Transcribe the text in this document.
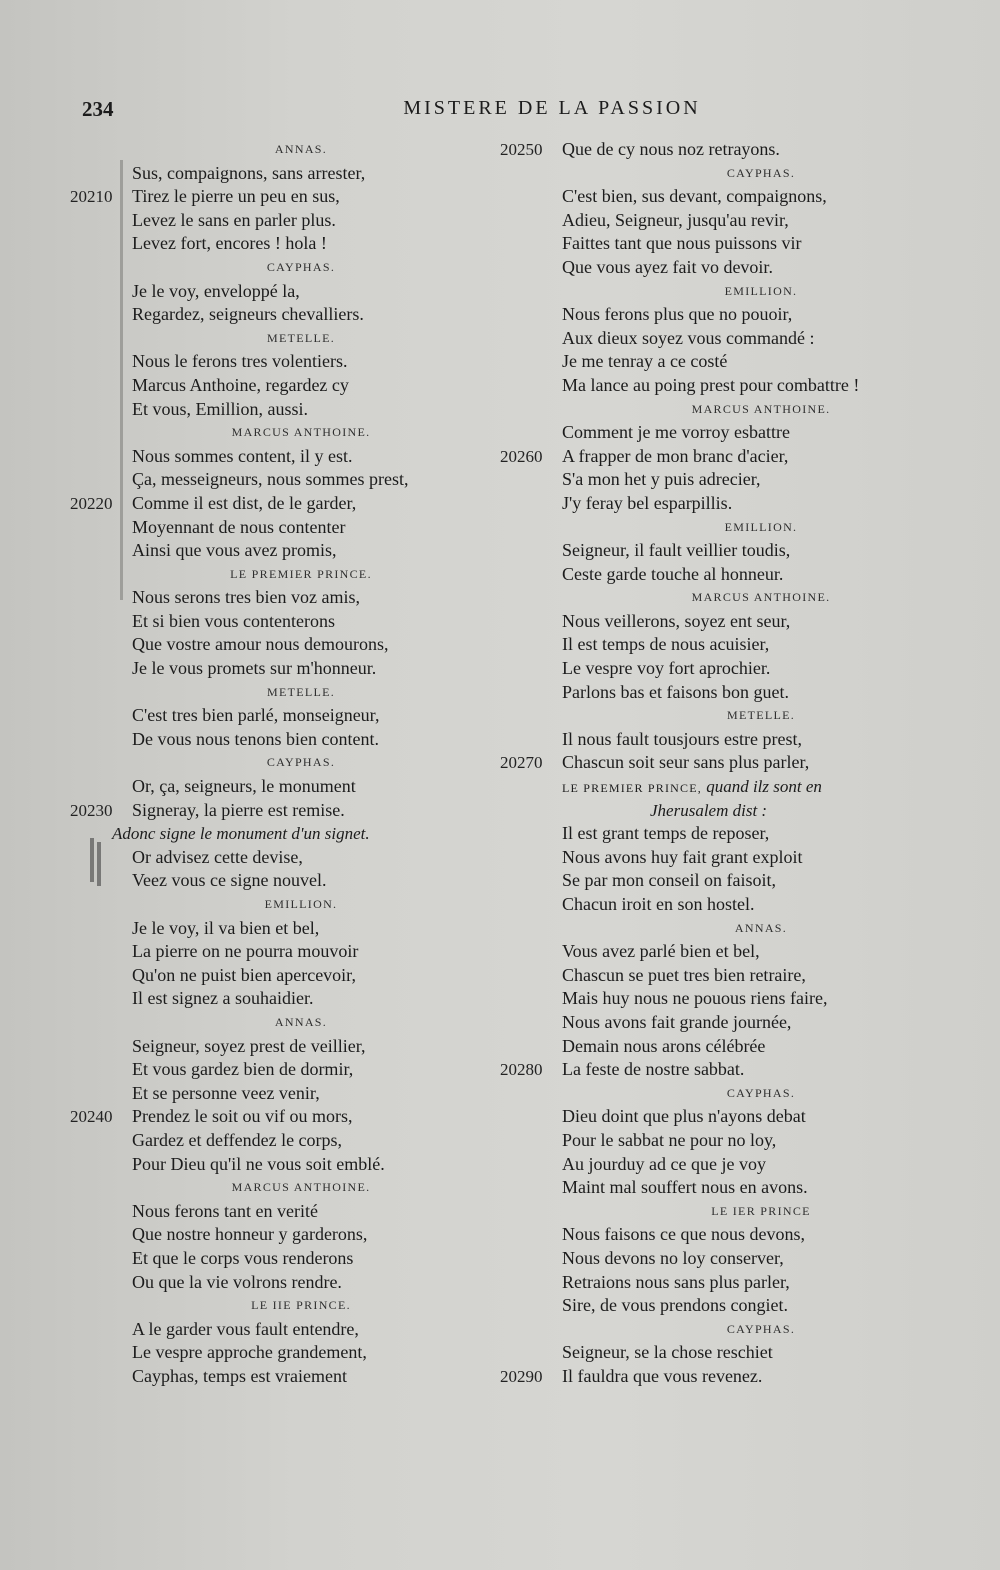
234	MISTERE DE LA PASSION
ANNAS.
Sus, compaignons, sans arrester,
Tirez le pierre un peu en sus,
20210
Levez le sans en parler plus.
Levez fort, encores ! hola !
CAYPHAS.
Je le voy, enveloppé la,
Regardez, seigneurs chevalliers.
METELLE.
Nous le ferons tres volentiers.
Marcus Anthoine, regardez cy
Et vous, Emillion, aussi.
MARCUS ANTHOINE.
Nous sommes content, il y est.
Ça, messeigneurs, nous sommes prest,
Comme il est dist, de le garder,
20220
Moyennant de nous contenter
Ainsi que vous avez promis,
LE PREMIER PRINCE.
Nous serons tres bien voz amis,
Et si bien vous contenterons
Que vostre amour nous demourons,
Je le vous promets sur m'honneur.
METELLE.
C'est tres bien parlé, monseigneur,
De vous nous tenons bien content.
CAYPHAS.
Or, ça, seigneurs, le monument
Signeray, la pierre est remise.
20230
Adonc signe le monument d'un signet.
Or advisez cette devise,
Veez vous ce signe nouvel.
EMILLION.
Je le voy, il va bien et bel,
La pierre on ne pourra mouvoir
Qu'on ne puist bien apercevoir,
Il est signez a souhaidier.
ANNAS.
Seigneur, soyez prest de veillier,
Et vous gardez bien de dormir,
Et se personne veez venir,
Prendez le soit ou vif ou mors,
20240
Gardez et deffendez le corps,
Pour Dieu qu'il ne vous soit emblé.
MARCUS ANTHOINE.
Nous ferons tant en verité
Que nostre honneur y garderons,
Et que le corps vous renderons
Ou que la vie volrons rendre.
LE IIE PRINCE.
A le garder vous fault entendre,
Le vespre approche grandement,
Cayphas, temps est vraiement
Que de cy nous noz retrayons.
20250
CAYPHAS.
C'est bien, sus devant, compaignons,
Adieu, Seigneur, jusqu'au revir,
Faittes tant que nous puissons vir
Que vous ayez fait vo devoir.
EMILLION.
Nous ferons plus que no pouoir,
Aux dieux soyez vous commandé :
Je me tenray a ce costé
Ma lance au poing prest pour combattre !
MARCUS ANTHOINE.
Comment je me vorroy esbattre
A frapper de mon branc d'acier,
20260
S'a mon het y puis adrecier,
J'y feray bel esparpillis.
EMILLION.
Seigneur, il fault veillier toudis,
Ceste garde touche al honneur.
MARCUS ANTHOINE.
Nous veillerons, soyez ent seur,
Il est temps de nous acuisier,
Le vespre voy fort aprochier.
Parlons bas et faisons bon guet.
METELLE.
Il nous fault tousjours estre prest,
Chascun soit seur sans plus parler,
20270
LE PREMIER PRINCE, quand ilz sont en
Jherusalem dist :
Il est grant temps de reposer,
Nous avons huy fait grant exploit
Se par mon conseil on faisoit,
Chacun iroit en son hostel.
ANNAS.
Vous avez parlé bien et bel,
Chascun se puet tres bien retraire,
Mais huy nous ne pouous riens faire,
Nous avons fait grande journée,
Demain nous arons célébrée
La feste de nostre sabbat.
20280
CAYPHAS.
Dieu doint que plus n'ayons debat
Pour le sabbat ne pour no loy,
Au jourduy ad ce que je voy
Maint mal souffert nous en avons.
LE IER PRINCE
Nous faisons ce que nous devons,
Nous devons no loy conserver,
Retraions nous sans plus parler,
Sire, de vous prendons congiet.
CAYPHAS.
Seigneur, se la chose reschiet
Il fauldra que vous revenez.
20290
